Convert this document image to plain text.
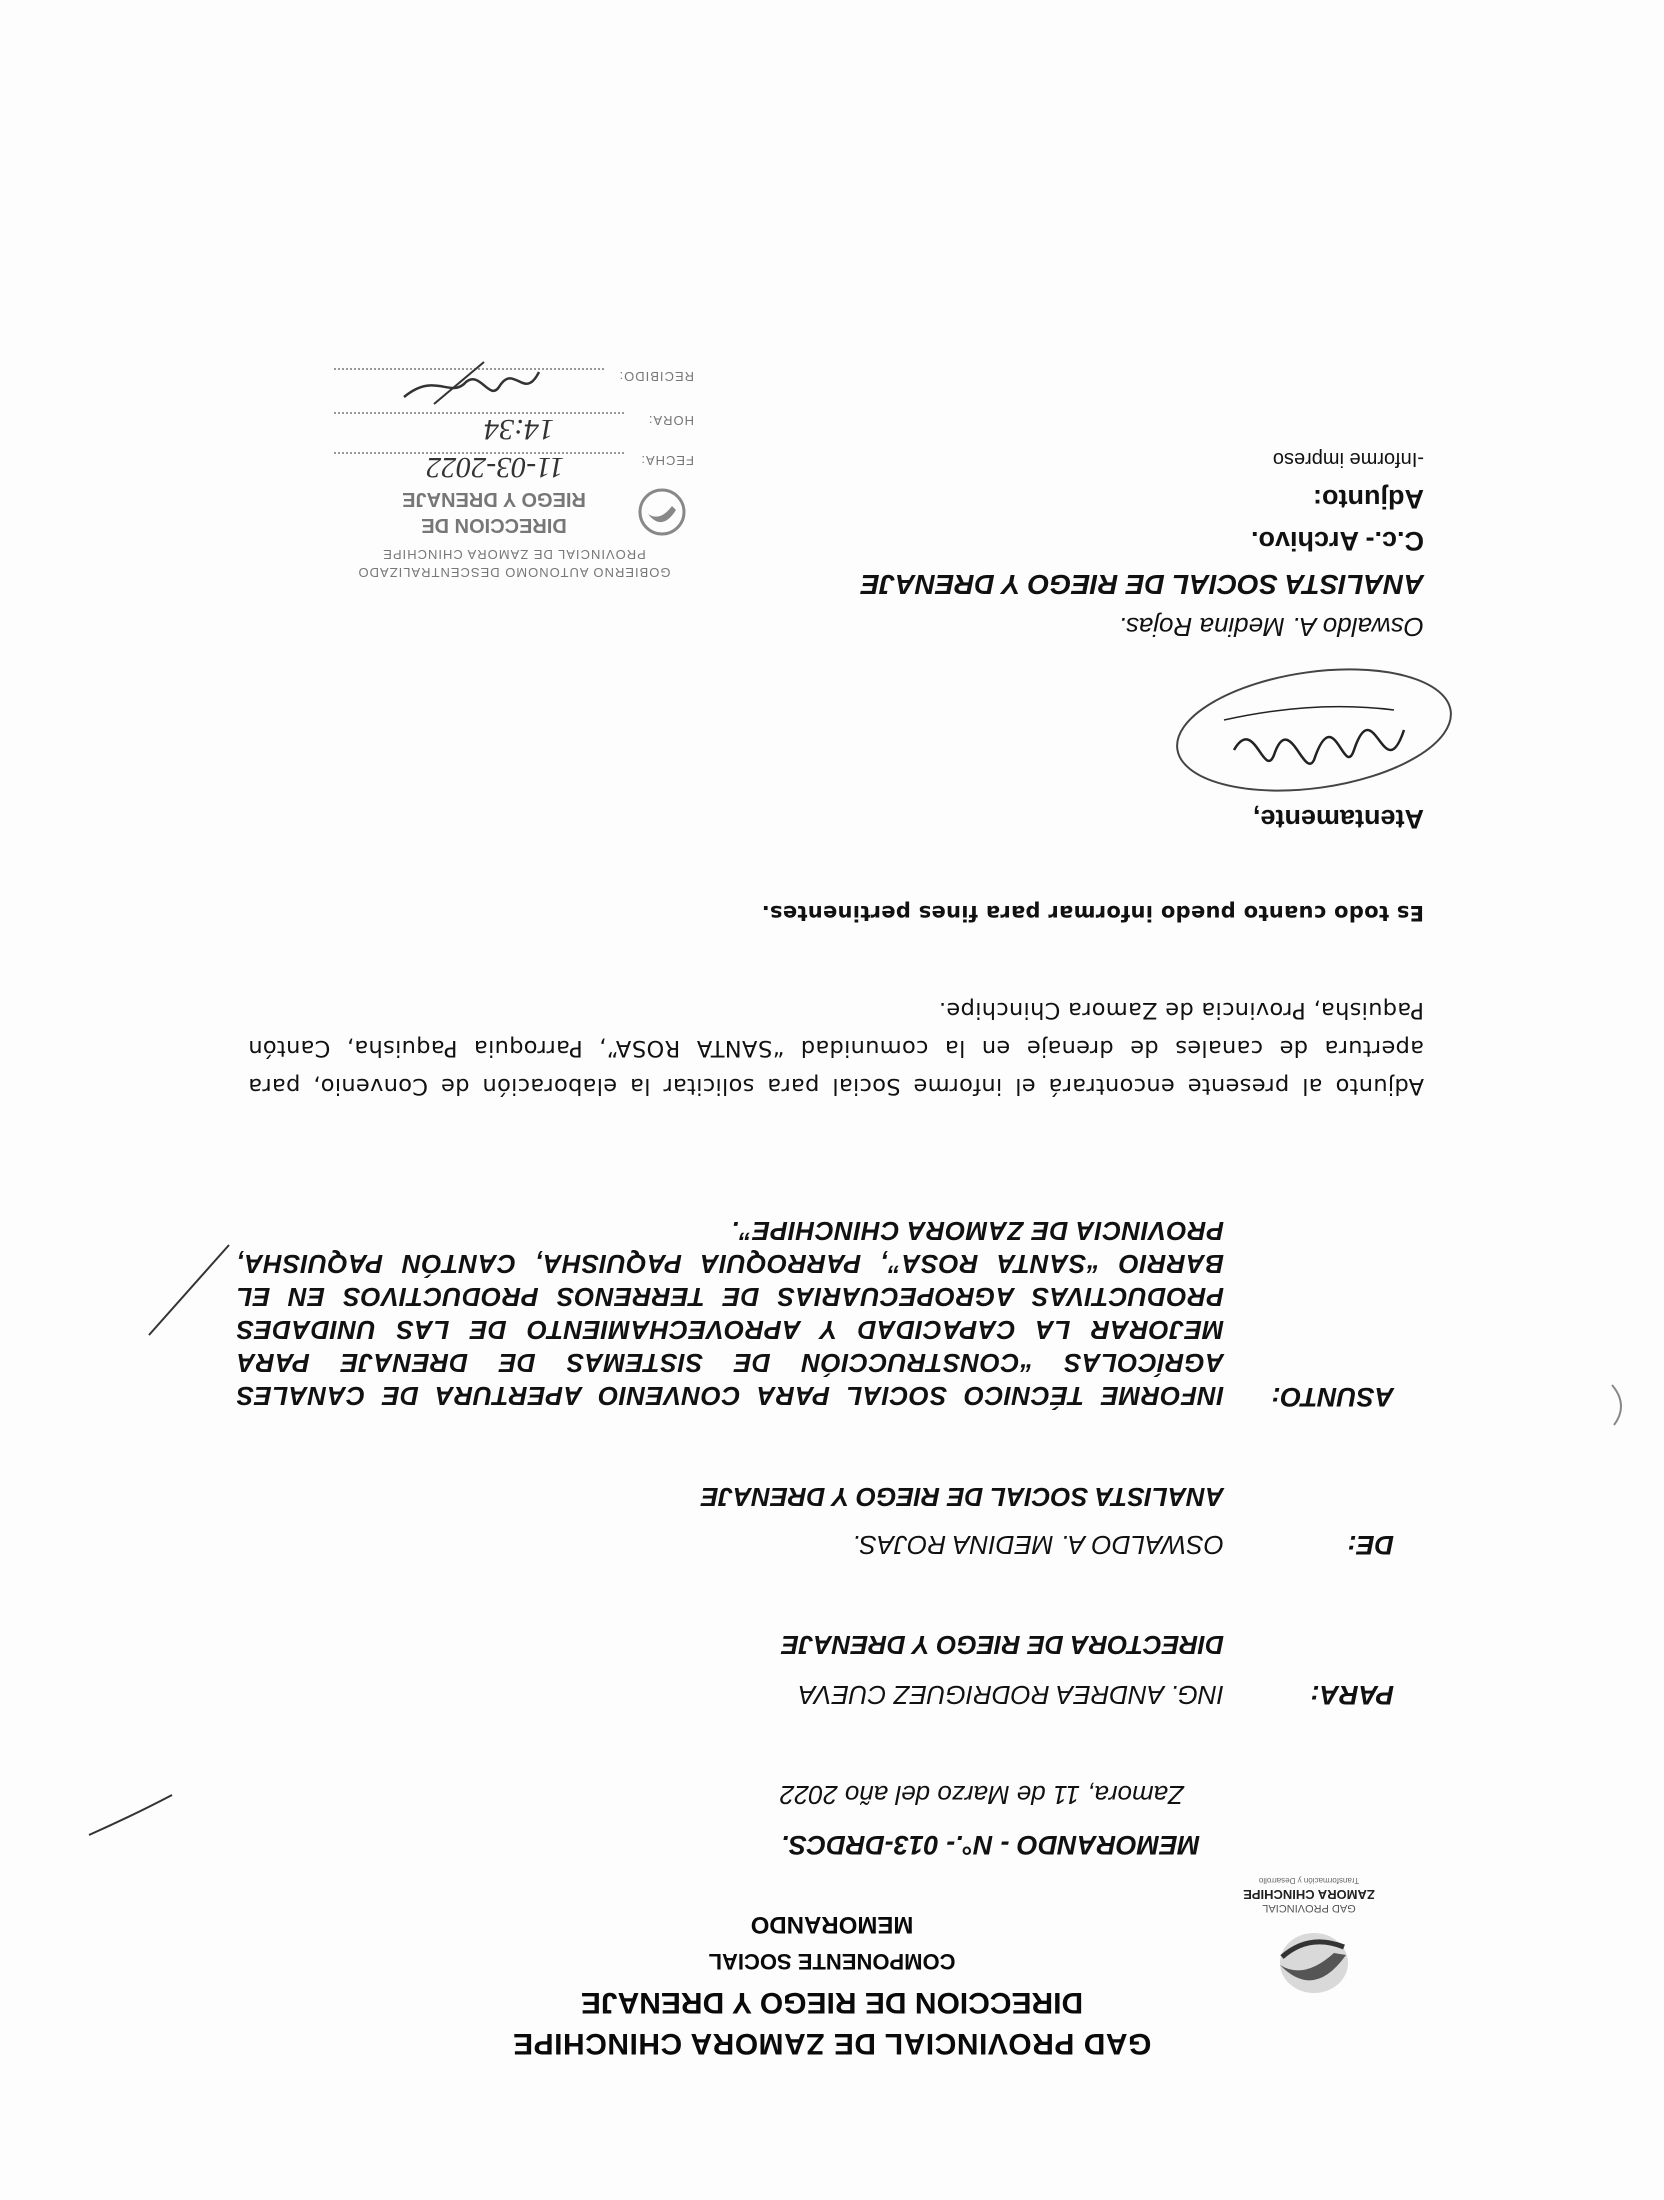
GAD PROVINCIAL
ZAMORA CHINCHIPE
Transformación y Desarrollo
GAD PROVINCIAL DE ZAMORA CHINCHIPE
DIRECCION DE RIEGO Y DRENAJE
COMPONENTE SOCIAL
MEMORANDO
MEMORANDO - N°.- 013-DRDCS.
Zamora, 11 de Marzo del año 2022
PARA:
ING. ANDREA RODRIGUEZ CUEVA
DIRECTORA DE RIEGO Y DRENAJE
DE:
OSWALDO A. MEDINA ROJAS.
ANALISTA SOCIAL DE RIEGO Y DRENAJE
ASUNTO:
INFORME TÉCNICO SOCIAL PARA CONVENIO APERTURA DE CANALES AGRÍCOLAS “CONSTRUCCIÓN DE SISTEMAS DE DRENAJE PARA MEJORAR LA CAPACIDAD Y APROVECHAMIENTO DE LAS UNIDADES PRODUCTIVAS AGROPECUARIAS DE TERRENOS PRODUCTIVOS EN EL BARRIO “SANTA ROSA”, PARROQUIA PAQUISHA, CANTÓN PAQUISHA, PROVINCIA DE ZAMORA CHINCHIPE”.
Adjunto al presente encontrará el informe Social para solicitar la elaboración de Convenio, para apertura de canales de drenaje en la comunidad “SANTA ROSA”, Parroquia Paquisha, Cantón Paquisha, Provincia de Zamora Chinchipe.
Es todo cuanto puedo informar para fines pertinentes.
Atentamente,
Oswaldo A. Medina Rojas.
ANALISTA SOCIAL DE RIEGO Y DRENAJE
C.c.- Archivo.
Adjunto:
-Informe impreso
GOBIERNO AUTONOMO DESCENTRALIZADO
PROVINCIAL DE ZAMORA CHINCHIPE
DIRECCION DE
RIEGO Y DRENAJE
FECHA:
11-03-2022
HORA:
14:34
RECIBIDO:
